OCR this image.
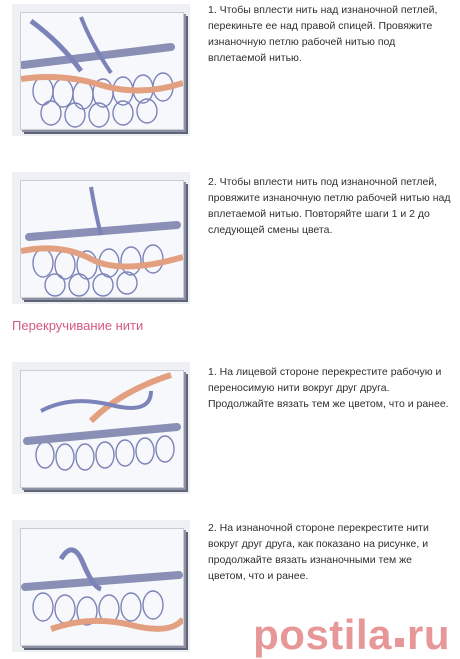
1. Чтобы вплести нить над изнаночной петлей, перекиньте ее над правой спицей. Провяжите изнаночную петлю рабочей нитью под вплетаемой нитью.
2. Чтобы вплести нить под изнаночной петлей, провяжите изнаночную петлю рабочей нитью над вплетаемой нитью. Повторяйте шаги 1 и 2 до следующей смены цвета.
Перекручивание нити
1. На лицевой стороне перекрестите рабочую и переносимую нити вокруг друг друга. Продолжайте вязать тем же цветом, что и ранее.
2. На изнаночной стороне перекрестите нити вокруг друг друга, как показано на рисунке, и продолжайте вязать изнаночными тем же цветом, что и ранее.
postila ru
